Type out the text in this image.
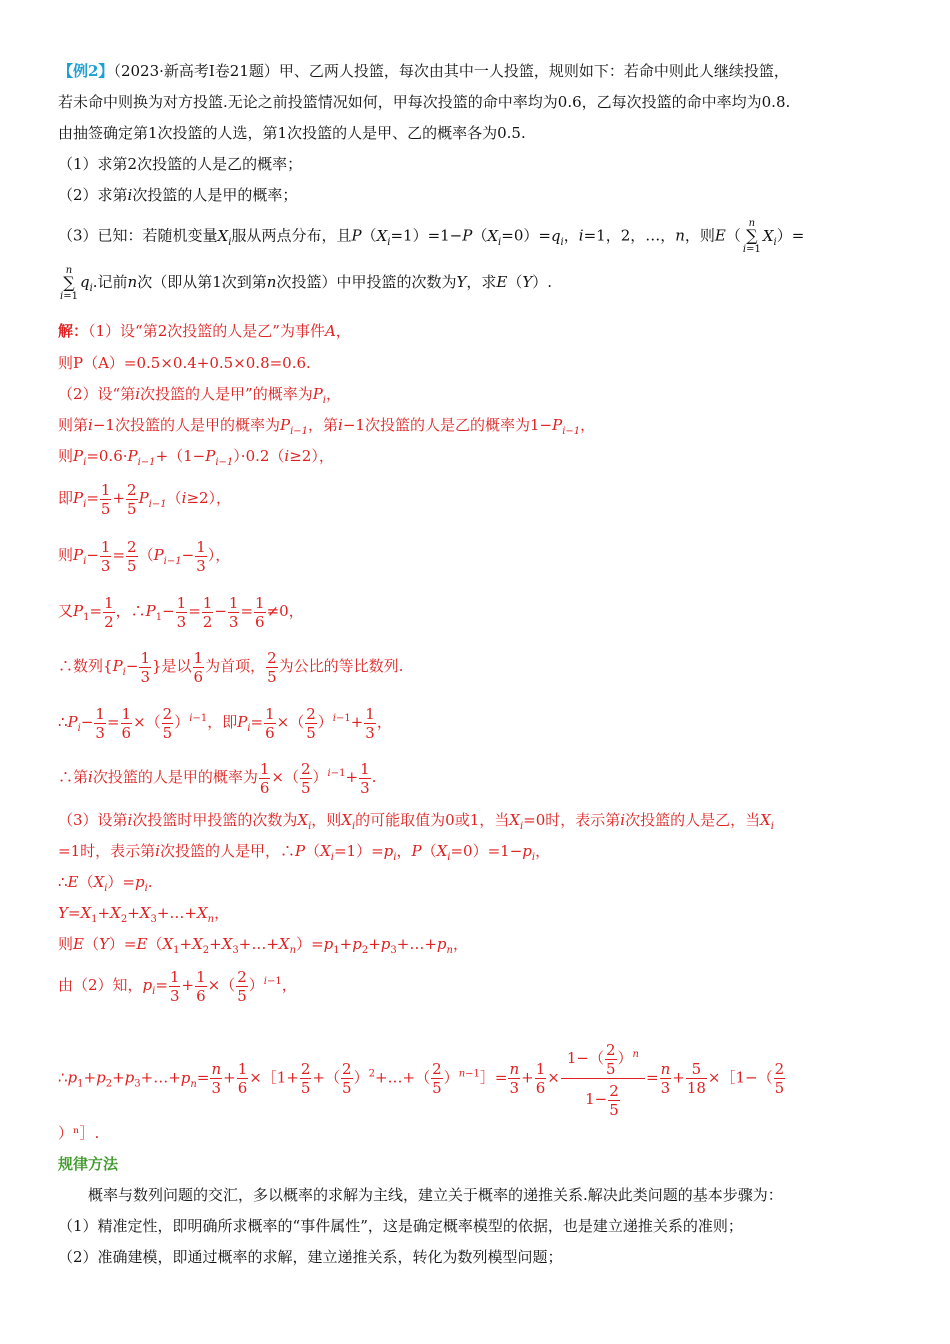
【例2】（2023·新高考Ⅰ卷21题）甲、乙两人投篮，每次由其中一人投篮，规则如下：若命中则此人继续投篮，
若未命中则换为对方投篮.无论之前投篮情况如何，甲每次投篮的命中率均为0.6，乙每次投篮的命中率均为0.8.
由抽签确定第1次投篮的人选，第1次投篮的人是甲、乙的概率各为0.5.
（1）求第2次投篮的人是乙的概率；
（2）求第i次投篮的人是甲的概率；
（3）已知：若随机变量$X_i$服从两点分布，且$P(X_i=1)=1-P(X_i=0)=q_i$，i=1，2，…，n，则E（n
∑
$i=1X_i)=$
n
∑
$i=1q_i$.记前n次（即从第1次到第n次投篮）中甲投篮的次数为Y，求E（Y）.
解：（1）设“第2次投篮的人是乙”为事件A，
则P（A）=0.5×0.4+0.5×0.8=0.6.
（2）设“第i次投篮的人是甲”的概率为$P_i$，
则第i−1次投篮的人是甲的概率为$P_{i-1}$，第i−1次投篮的人是乙的概率为$1-P_{i-1}$，
则$P_i=0.6\cdot P_{i-1}+(1-P_{i-1})\cdot 0.2(i\ge 2)$，
即$P_i= \frac{1}{5} + \frac{2}{5} P_{i-1}(i\ge 2)$，
则$P_i- \frac{1}{3} = \frac{2}{5} (P_{i-1}- \frac{1}{3}$ ），
又$P_1= \frac{1}{2}$ ，$\therefore P_1- \frac{1}{3} = \frac{1}{2} - \frac{1}{3} = \frac{1}{6} \ne 0$，
∴数列{$P_i- \frac{1}{3}$ }是以 $\frac{1}{6}$ 为首项， $\frac{2}{5}$ 为公比的等比数列.
$\therefore P_i- \frac{1}{3} = \frac{1}{6}$ ×（ $\frac{2}{5} )^{i-1}$，即$P_i= \frac{1}{6}$ ×（ $\frac{2}{5} )^{i-1}+ \frac{1}{3}$ ，
∴第i次投篮的人是甲的概率为 $\frac{1}{6}$ ×（ $\frac{2}{5} )^{i-1}+ \frac{1}{3}$ .
（3）设第i次投篮时甲投篮的次数为$X_i$，则$X_i$的可能取值为0或1，当$X_i=0$时，表示第i次投篮的人是乙，当$X_i$
=1时，表示第i次投篮的人是甲，$\therefore P(X_i=1)=p_i$，$P(X_i=0)=1-p_i$，
$\therefore E(X_i)=p_i$.
$Y=X_1+X_2+X_3+\dots+X_n$，
则$E(Y)=E(X_1+X_2+X_3+\dots+X_n)=p_1+p_2+p_3+\dots+p_n$，
由（2）知，$p_i= \frac{1}{3} + \frac{1}{6}$ ×（ $\frac{2}{5} )^{i-1}$，
$\therefore p_1+p_2+p_3+\dots+p_n= \frac{n}{3} + \frac{1}{6}$ ×［1+ $\frac{2}{5}$ +（ $\frac{2}{5}$ ）$^2$+…+（ $\frac{2}{5}$ ）$^{n-1}$］= $\frac{n}{3} + \frac{1}{6} \times \frac{1-( \frac{2}{5} )^n}{1- \frac{2}{5}} = \frac{n}{3} + \frac{5}{18}$ ×［1−（ $\frac{2}{5}$
）ⁿ］.
规律方法
概率与数列问题的交汇，多以概率的求解为主线，建立关于概率的递推关系.解决此类问题的基本步骤为：
（1）精准定性，即明确所求概率的“事件属性”，这是确定概率模型的依据，也是建立递推关系的准则；
（2）准确建模，即通过概率的求解，建立递推关系，转化为数列模型问题；
